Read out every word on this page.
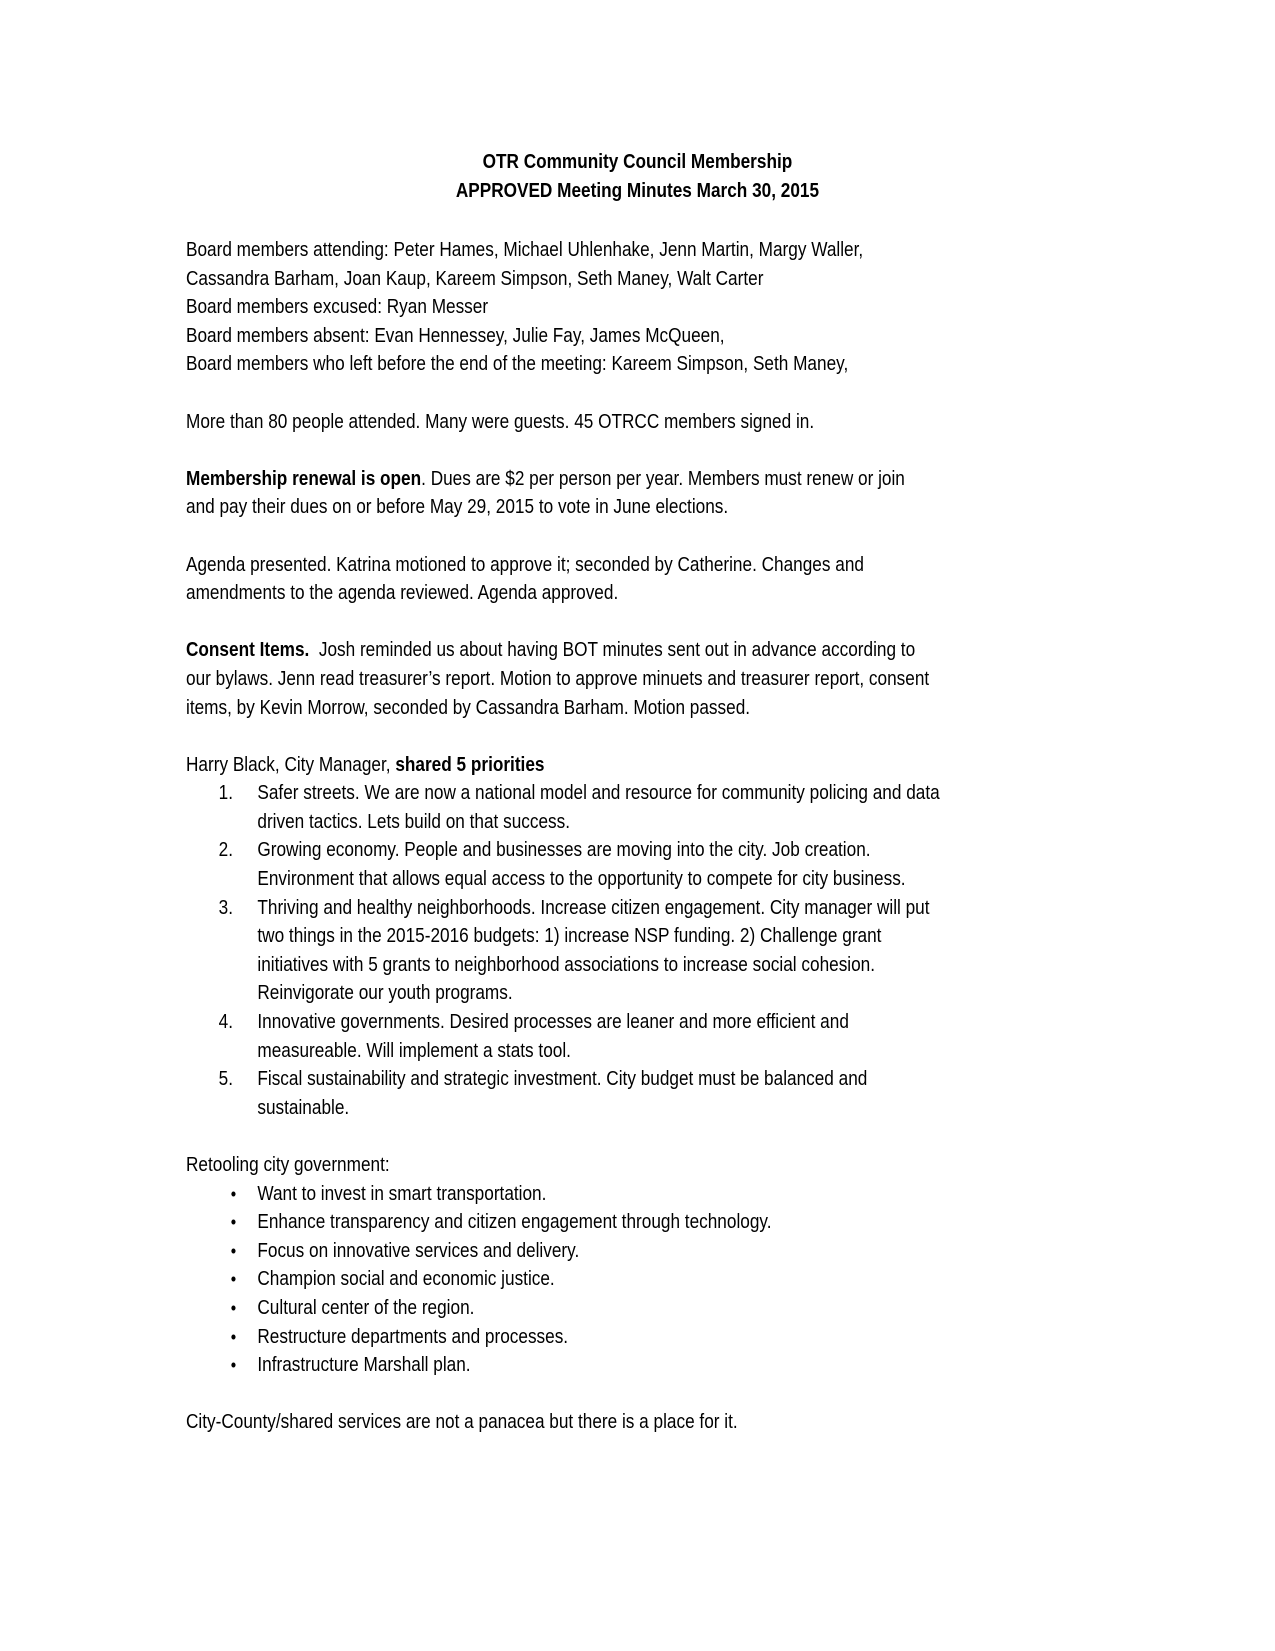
OTR Community Council Membership
APPROVED Meeting Minutes March 30, 2015

Board members attending: Peter Hames, Michael Uhlenhake, Jenn Martin, Margy Waller,
Cassandra Barham, Joan Kaup, Kareem Simpson, Seth Maney, Walt Carter
Board members excused: Ryan Messer
Board members absent: Evan Hennessey, Julie Fay, James McQueen,
Board members who left before the end of the meeting: Kareem Simpson, Seth Maney,

More than 80 people attended. Many were guests. 45 OTRCC members signed in.

Membership renewal is open. Dues are $2 per person per year. Members must renew or join
and pay their dues on or before May 29, 2015 to vote in June elections.

Agenda presented. Katrina motioned to approve it; seconded by Catherine. Changes and
amendments to the agenda reviewed. Agenda approved.

Consent Items.  Josh reminded us about having BOT minutes sent out in advance according to
our bylaws. Jenn read treasurer’s report. Motion to approve minuets and treasurer report, consent
items, by Kevin Morrow, seconded by Cassandra Barham. Motion passed.

Harry Black, City Manager, shared 5 priorities

1. Safer streets. We are now a national model and resource for community policing and data
driven tactics. Lets build on that success.
2. Growing economy. People and businesses are moving into the city. Job creation.
Environment that allows equal access to the opportunity to compete for city business.
3. Thriving and healthy neighborhoods. Increase citizen engagement. City manager will put
two things in the 2015-2016 budgets: 1) increase NSP funding. 2) Challenge grant
initiatives with 5 grants to neighborhood associations to increase social cohesion.
Reinvigorate our youth programs.
4. Innovative governments. Desired processes are leaner and more efficient and
measureable. Will implement a stats tool.
5. Fiscal sustainability and strategic investment. City budget must be balanced and
sustainable.

Retooling city government:

• Want to invest in smart transportation.
• Enhance transparency and citizen engagement through technology.
• Focus on innovative services and delivery.
• Champion social and economic justice.
• Cultural center of the region.
• Restructure departments and processes.
• Infrastructure Marshall plan.

City-County/shared services are not a panacea but there is a place for it.
